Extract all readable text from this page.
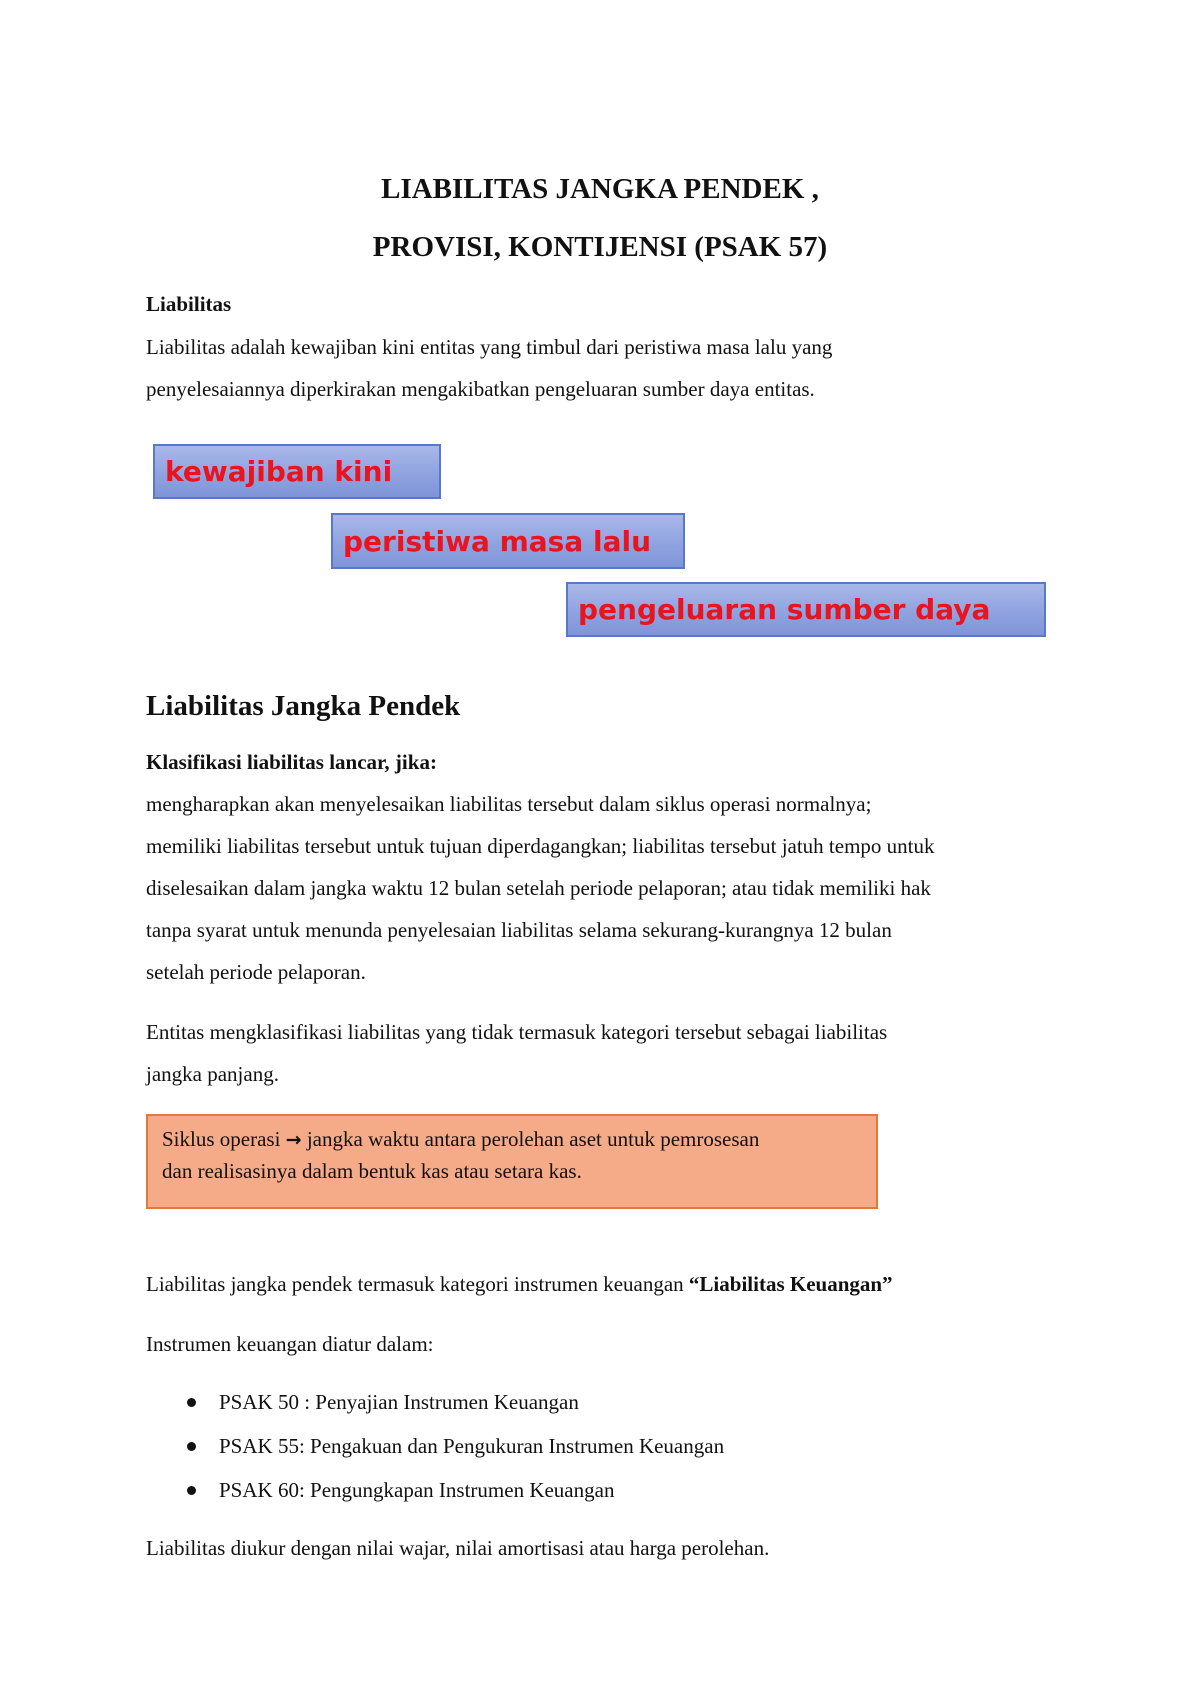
LIABILITAS JANGKA PENDEK ,
PROVISI, KONTIJENSI (PSAK 57)
Liabilitas
Liabilitas adalah kewajiban kini entitas yang timbul dari peristiwa masa lalu yang
penyelesaiannya diperkirakan mengakibatkan pengeluaran sumber daya entitas.
kewajiban kini
peristiwa masa lalu
pengeluaran sumber daya
Liabilitas Jangka Pendek
Klasifikasi liabilitas lancar, jika:
mengharapkan akan menyelesaikan liabilitas tersebut dalam siklus operasi normalnya;
memiliki liabilitas tersebut untuk tujuan diperdagangkan; liabilitas tersebut jatuh tempo untuk
diselesaikan dalam jangka waktu 12 bulan setelah periode pelaporan; atau tidak memiliki hak
tanpa syarat untuk menunda penyelesaian liabilitas selama sekurang-kurangnya 12 bulan
setelah periode pelaporan.
Entitas mengklasifikasi liabilitas yang tidak termasuk kategori tersebut sebagai liabilitas
jangka panjang.
Siklus operasi → jangka waktu antara perolehan aset untuk pemrosesan
dan realisasinya dalam bentuk kas atau setara kas.
Liabilitas jangka pendek termasuk kategori instrumen keuangan “Liabilitas Keuangan”
Instrumen keuangan diatur dalam:
PSAK 50 : Penyajian Instrumen Keuangan
PSAK 55: Pengakuan dan Pengukuran Instrumen Keuangan
PSAK 60: Pengungkapan Instrumen Keuangan
Liabilitas diukur dengan nilai wajar, nilai amortisasi atau harga perolehan.
